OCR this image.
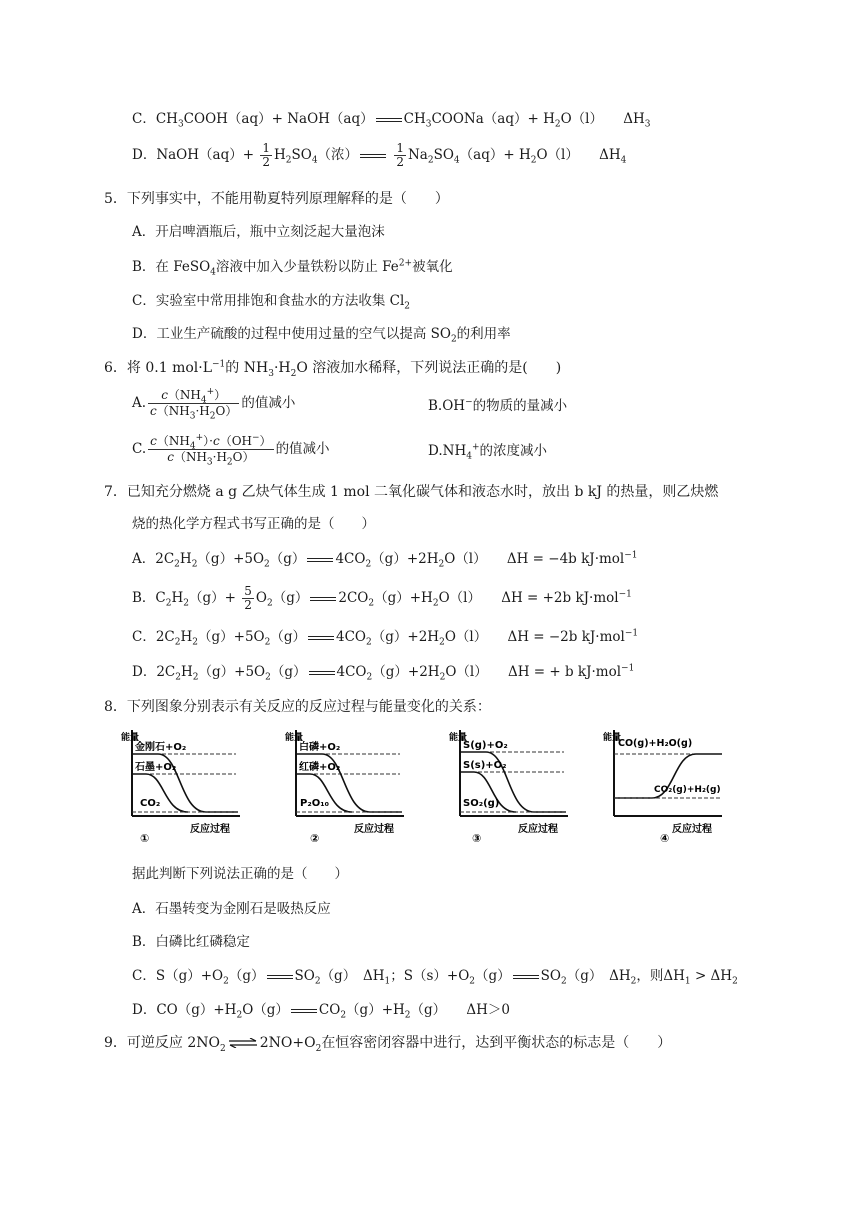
C．$CH_3COOH(aq)+$ NaOH（aq） $CH_3COONa(aq)+ H_2O(l)$　　$\Delta H_3$
D．NaOH（aq）+ $\frac{1}{2} H_2SO_4$（浓）	$\frac{1}{2} Na_2SO_4(aq)+ H_2O(l)$　　$\Delta H_4$
5．下列事实中，不能用勒夏特列原理解释的是（　　）
A．开启啤酒瓶后，瓶中立刻泛起大量泡沫
B．在 FeSO$_4$溶液中加入少量铁粉以防止 $Fe^{2+}$被氧化
C．实验室中常用排饱和食盐水的方法收集 $Cl_2$
D．工业生产硫酸的过程中使用过量的空气以提高 $SO_2$的利用率
6．将 0.1 $mol\cdot L^{-1}$的 $NH_3\cdot H_2O$ 溶液加水稀释，下列说法正确的是(　　)
A. $\frac{c(NH_4^+)}{c(NH_3\cdot H_2O)}$ 的值减小	B.OH−的物质的量减小
C. $\frac{c(NH_4^+)\cdot c(OH^-)}{c(NH_3\cdot H_2O)}$ 的值减小	$D.NH_4^+$的浓度减小
7．已知充分燃烧 a g 乙炔气体生成 1 mol 二氧化碳气体和液态水时，放出 b kJ 的热量，则乙炔燃
烧的热化学方程式书写正确的是（　　）
A．$2C_2H_2(g)+5O_2(g)$ $4CO_2(g)+2H_2O(l)$　　ΔH = −4b kJ·mol$^{-1}$
B．$C_2H_2(g)+ \frac{5}{2} O_2(g)$ $2CO_2(g)+H_2O(l)$　　ΔH = +2b kJ·mol$^{-1}$
C．$2C_2H_2(g)+5O_2(g)$ $4CO_2(g)+2H_2O(l)$　　ΔH = −2b kJ·mol$^{-1}$
D．$2C_2H_2(g)+5O_2(g)$ $4CO_2(g)+2H_2O(l)$　　ΔH = + b kJ·mol$^{-1}$
8．下列图象分别表示有关反应的反应过程与能量变化的关系：
能量
金刚石+O₂
石墨+O₂
CO₂
反应过程
①
能量
白磷+O₂
红磷+O₂
P₂O₁₀
反应过程
②
能量
S(g)+O₂
S(s)+O₂
SO₂(g)
反应过程
③
能量
CO(g)+H₂O(g)
CO₂(g)+H₂(g)
反应过程
④
据此判断下列说法正确的是（　　）
A．石墨转变为金刚石是吸热反应
B．白磷比红磷稳定
C．$S(g)+O_2(g)$ $SO_2(g)$　$\Delta H_1$；$S(s)+O_2(g)$ $SO_2(g)$　$\Delta H_2$，则$\Delta H_1 > \Delta H_2$
D．$CO(g)+H_2O(g)$ $CO_2(g)+H_2(g)$　　ΔH＞0
9．可逆反应 $2NO_2$ ⇌ $2NO+O_2$在恒容密闭容器中进行，达到平衡状态的标志是（　　）
